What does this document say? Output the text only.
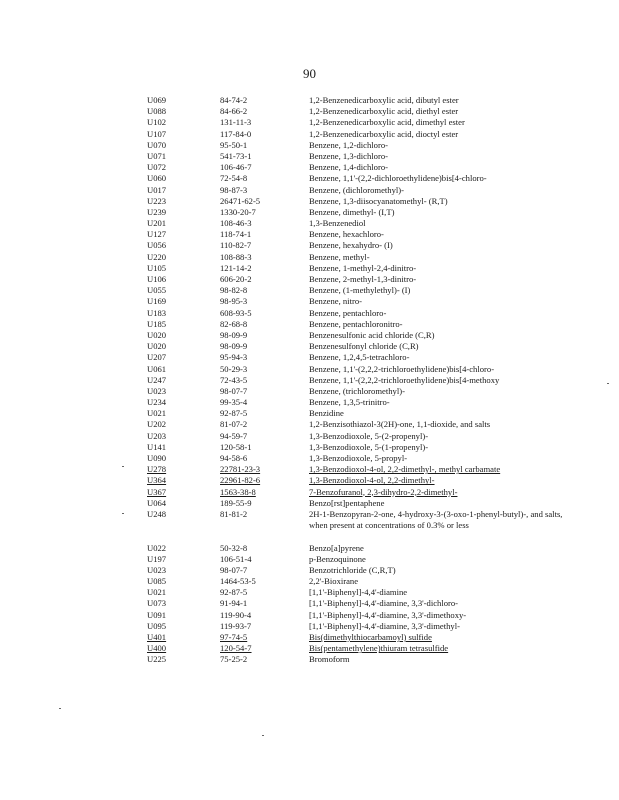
90
U069	84-74-2	1,2-Benzenedicarboxylic acid, dibutyl ester
U088	84-66-2	1,2-Benzenedicarboxylic acid, diethyl ester
U102	131-11-3	1,2-Benzenedicarboxylic acid, dimethyl ester
U107	117-84-0	1,2-Benzenedicarboxylic acid, dioctyl ester
U070	95-50-1	Benzene, 1,2-dichloro-
U071	541-73-1	Benzene, 1,3-dichloro-
U072	106-46-7	Benzene, 1,4-dichloro-
U060	72-54-8	Benzene, 1,1'-(2,2-dichloroethylidene)bis[4-chloro-
U017	98-87-3	Benzene, (dichloromethyl)-
U223	26471-62-5	Benzene, 1,3-diisocyanatomethyl- (R,T)
U239	1330-20-7	Benzene, dimethyl- (I,T)
U201	108-46-3	1,3-Benzenediol
U127	118-74-1	Benzene, hexachloro-
U056	110-82-7	Benzene, hexahydro- (I)
U220	108-88-3	Benzene, methyl-
U105	121-14-2	Benzene, 1-methyl-2,4-dinitro-
U106	606-20-2	Benzene, 2-methyl-1,3-dinitro-
U055	98-82-8	Benzene, (1-methylethyl)- (I)
U169	98-95-3	Benzene, nitro-
U183	608-93-5	Benzene, pentachloro-
U185	82-68-8	Benzene, pentachloronitro-
U020	98-09-9	Benzenesulfonic acid chloride (C,R)
U020	98-09-9	Benzenesulfonyl chloride (C,R)
U207	95-94-3	Benzene, 1,2,4,5-tetrachloro-
U061	50-29-3	Benzene, 1,1'-(2,2,2-trichloroethylidene)bis[4-chloro-
U247	72-43-5	Benzene, 1,1'-(2,2,2-trichloroethylidene)bis[4-methoxy
U023	98-07-7	Benzene, (trichloromethyl)-
U234	99-35-4	Benzene, 1,3,5-trinitro-
U021	92-87-5	Benzidine
U202	81-07-2	1,2-Benzisothiazol-3(2H)-one, 1,1-dioxide, and salts
U203	94-59-7	1,3-Benzodioxole, 5-(2-propenyl)-
U141	120-58-1	1,3-Benzodioxole, 5-(1-propenyl)-
U090	94-58-6	1,3-Benzodioxole, 5-propyl-
U278	22781-23-3	1,3-Benzodioxol-4-ol, 2,2-dimethyl-, methyl carbamate
U364	22961-82-6	1,3-Benzodioxol-4-ol, 2,2-dimethyl-
U367	1563-38-8	7-Benzofuranol, 2,3-dihydro-2,2-dimethyl-
U064	189-55-9	Benzo[rst]pentaphene
U248	81-81-2	2H-1-Benzopyran-2-one, 4-hydroxy-3-(3-oxo-1-phenyl-butyl)-, and salts, when present at concentrations of 0.3% or less
U022	50-32-8	Benzo[a]pyrene
U197	106-51-4	p-Benzoquinone
U023	98-07-7	Benzotrichloride (C,R,T)
U085	1464-53-5	2,2'-Bioxirane
U021	92-87-5	[1,1'-Biphenyl]-4,4'-diamine
U073	91-94-1	[1,1'-Biphenyl]-4,4'-diamine, 3,3'-dichloro-
U091	119-90-4	[1,1'-Biphenyl]-4,4'-diamine, 3,3'-dimethoxy-
U095	119-93-7	[1,1'-Biphenyl]-4,4'-diamine, 3,3'-dimethyl-
U401	97-74-5	Bis(dimethylthiocarbamoyl) sulfide
U400	120-54-7	Bis(pentamethylene)thiuram tetrasulfide
U225	75-25-2	Bromoform
